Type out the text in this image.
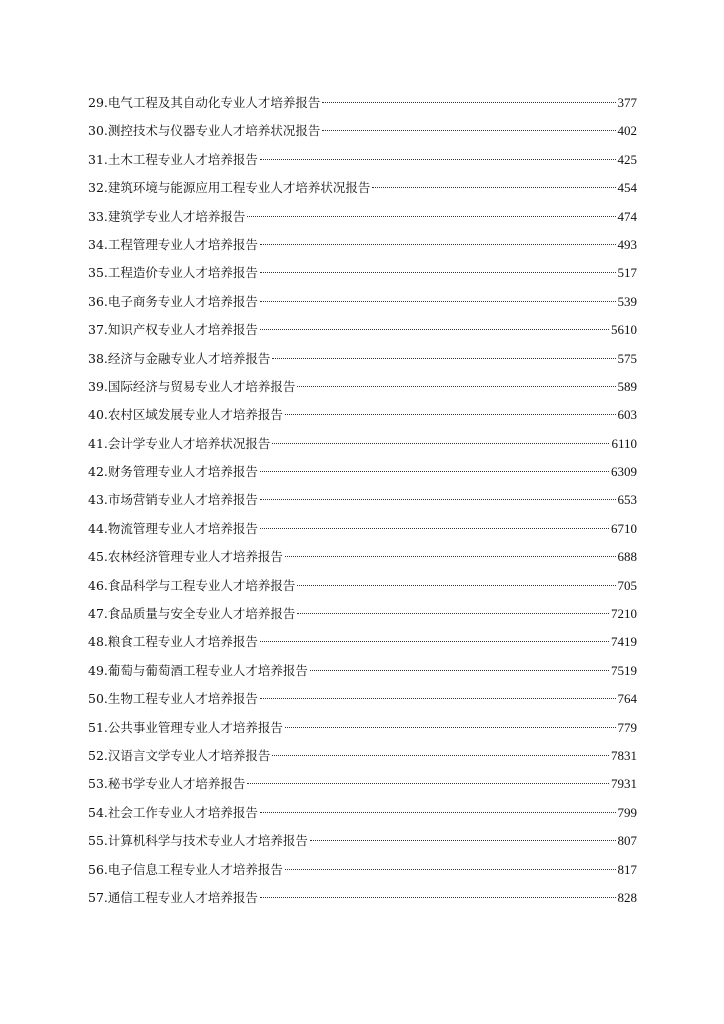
29.电气工程及其自动化专业人才培养报告	377
30.测控技术与仪器专业人才培养状况报告	402
31.土木工程专业人才培养报告	425
32.建筑环境与能源应用工程专业人才培养状况报告	454
33.建筑学专业人才培养报告	474
34.工程管理专业人才培养报告	493
35.工程造价专业人才培养报告	517
36.电子商务专业人才培养报告	539
37.知识产权专业人才培养报告	5610
38.经济与金融专业人才培养报告	575
39.国际经济与贸易专业人才培养报告	589
40.农村区域发展专业人才培养报告	603
41.会计学专业人才培养状况报告	6110
42.财务管理专业人才培养报告	6309
43.市场营销专业人才培养报告	653
44.物流管理专业人才培养报告	6710
45.农林经济管理专业人才培养报告	688
46.食品科学与工程专业人才培养报告	705
47.食品质量与安全专业人才培养报告	7210
48.粮食工程专业人才培养报告	7419
49.葡萄与葡萄酒工程专业人才培养报告	7519
50.生物工程专业人才培养报告	764
51.公共事业管理专业人才培养报告	779
52.汉语言文学专业人才培养报告	7831
53.秘书学专业人才培养报告	7931
54.社会工作专业人才培养报告	799
55.计算机科学与技术专业人才培养报告	807
56.电子信息工程专业人才培养报告	817
57.通信工程专业人才培养报告	828
